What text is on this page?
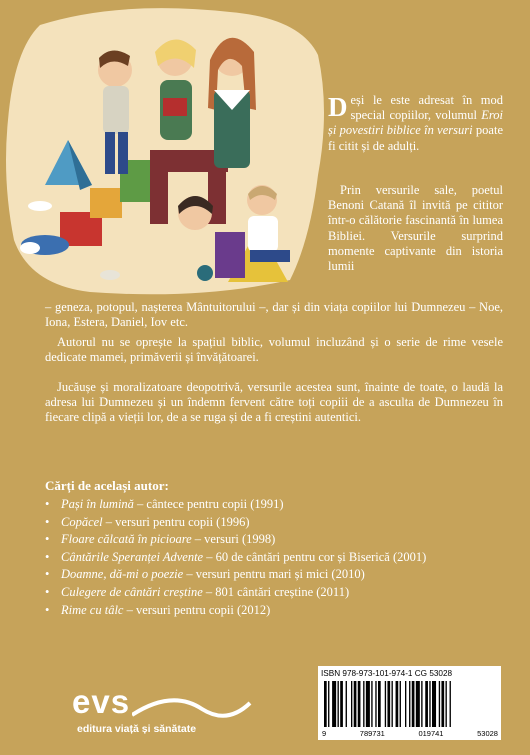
Deși le este adresat în mod special copiilor, volumul Eroi și povestiri biblice în versuri poate fi citit și de adulți.
Prin versurile sale, poetul Benoni Catană îl invită pe cititor într-o călătorie fascinantă în lumea Bibliei. Versurile surprind momente captivante din istoria lumii
– geneza, potopul, nașterea Mântuitorului –, dar și din viața copiilor lui Dumnezeu – Noe, Iona, Estera, Daniel, Iov etc.
Autorul nu se oprește la spațiul biblic, volumul incluzând și o serie de rime vesele dedicate mamei, primăverii și învățătoarei.
Jucăușe și moralizatoare deopotrivă, versurile acestea sunt, înainte de toate, o laudă la adresa lui Dumnezeu și un îndemn fervent către toți copiii de a asculta de Dumnezeu în fiecare clipă a vieții lor, de a se ruga și de a fi creștini autentici.
Cărți de același autor:
• Pași în lumină – cântece pentru copii (1991)
• Copăcel – versuri pentru copii (1996)
• Floare călcată în picioare – versuri (1998)
• Cântările Speranței Advente – 60 de cântări pentru cor și Biserică (2001)
• Doamne, dă-mi o poezie – versuri pentru mari și mici (2010)
• Culegere de cântări creștine – 801 cântări creștine (2011)
• Rime cu tâlc – versuri pentru copii (2012)
evs
editura viață și sănătate
ISBN 978-973-101-974-1 CG 53028
9	789731	019741	53028
